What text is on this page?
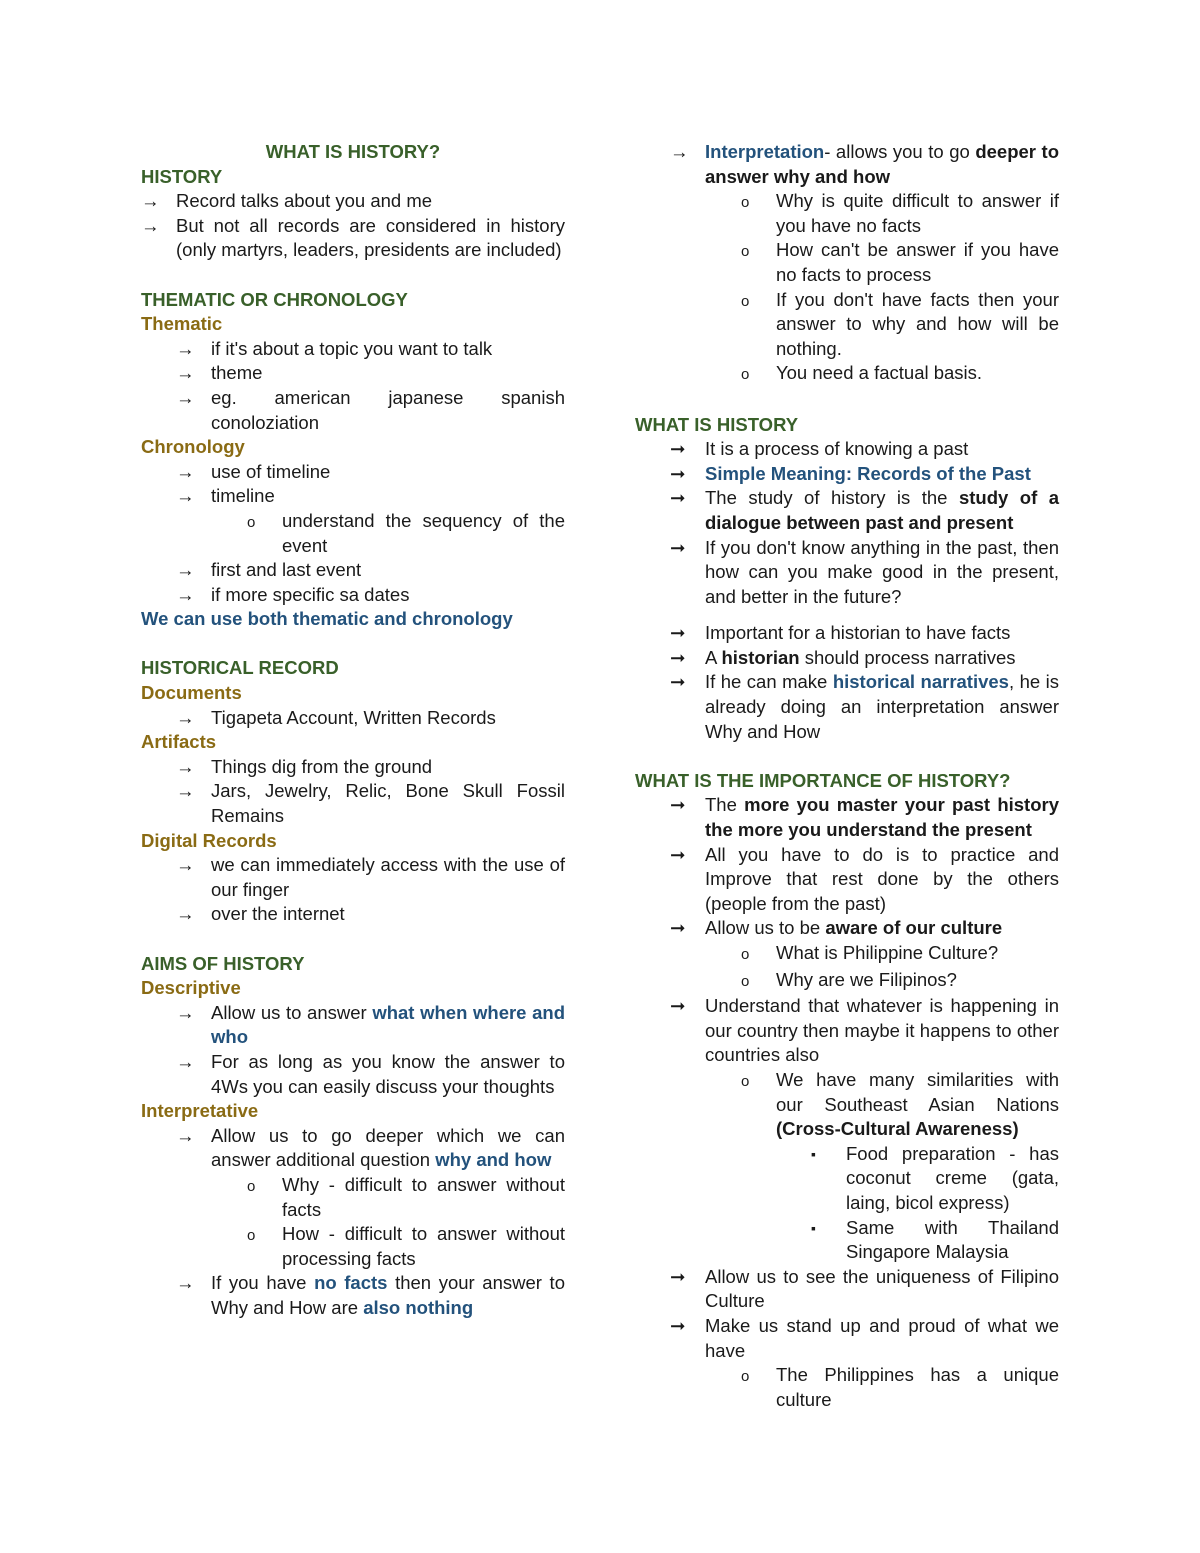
WHAT IS HISTORY?
HISTORY
→ Record talks about you and me
→ But not all records are considered in history (only martyrs, leaders, presidents are included)
THEMATIC OR CHRONOLOGY
Thematic
→ if it's about a topic you want to talk
→ theme
→ eg. american japanese spanish conoloziation
Chronology
→ use of timeline
→ timeline
o	understand the sequency of the event
→ first and last event
→ if more specific sa dates
We can use both thematic and chronology
HISTORICAL RECORD
Documents
→ Tigapeta Account, Written Records
Artifacts
→ Things dig from the ground
→ Jars, Jewelry, Relic, Bone Skull Fossil Remains
Digital Records
→ we can immediately access with the use of our finger
→ over the internet
AIMS OF HISTORY
Descriptive
→ Allow us to answer what when where and who
→ For as long as you know the answer to 4Ws you can easily discuss your thoughts
Interpretative
→ Allow us to go deeper which we can answer additional question why and how
o	Why - difficult to answer without facts
o	How - difficult to answer without processing facts
→ If you have no facts then your answer to Why and How are also nothing
→ Interpretation- allows you to go deeper to answer why and how
o	Why is quite difficult to answer if you have no facts
o	How can't be answer if you have no facts to process
o	If you don't have facts then your answer to why and how will be nothing.
o	You need a factual basis.
WHAT IS HISTORY
➞	It is a process of knowing a past
➞	Simple Meaning: Records of the Past
➞	The study of history is the study of a dialogue between past and present
➞	If you don't know anything in the past, then how can you make good in the present, and better in the future?
➞	Important for a historian to have facts
➞	A historian should process narratives
➞	If he can make historical narratives, he is already doing an interpretation answer Why and How
WHAT IS THE IMPORTANCE OF HISTORY?
➞	The more you master your past history the more you understand the present
➞	All you have to do is to practice and Improve that rest done by the others (people from the past)
➞	Allow us to be aware of our culture
o	What is Philippine Culture?
o	Why are we Filipinos?
➞	Understand that whatever is happening in our country then maybe it happens to other countries also
o	We have many similarities with our Southeast Asian Nations (Cross-Cultural Awareness)
▪	Food preparation - has coconut creme (gata, laing, bicol express)
▪	Same with Thailand Singapore Malaysia
➞	Allow us to see the uniqueness of Filipino Culture
➞	Make us stand up and proud of what we have
o	The Philippines has a unique culture
